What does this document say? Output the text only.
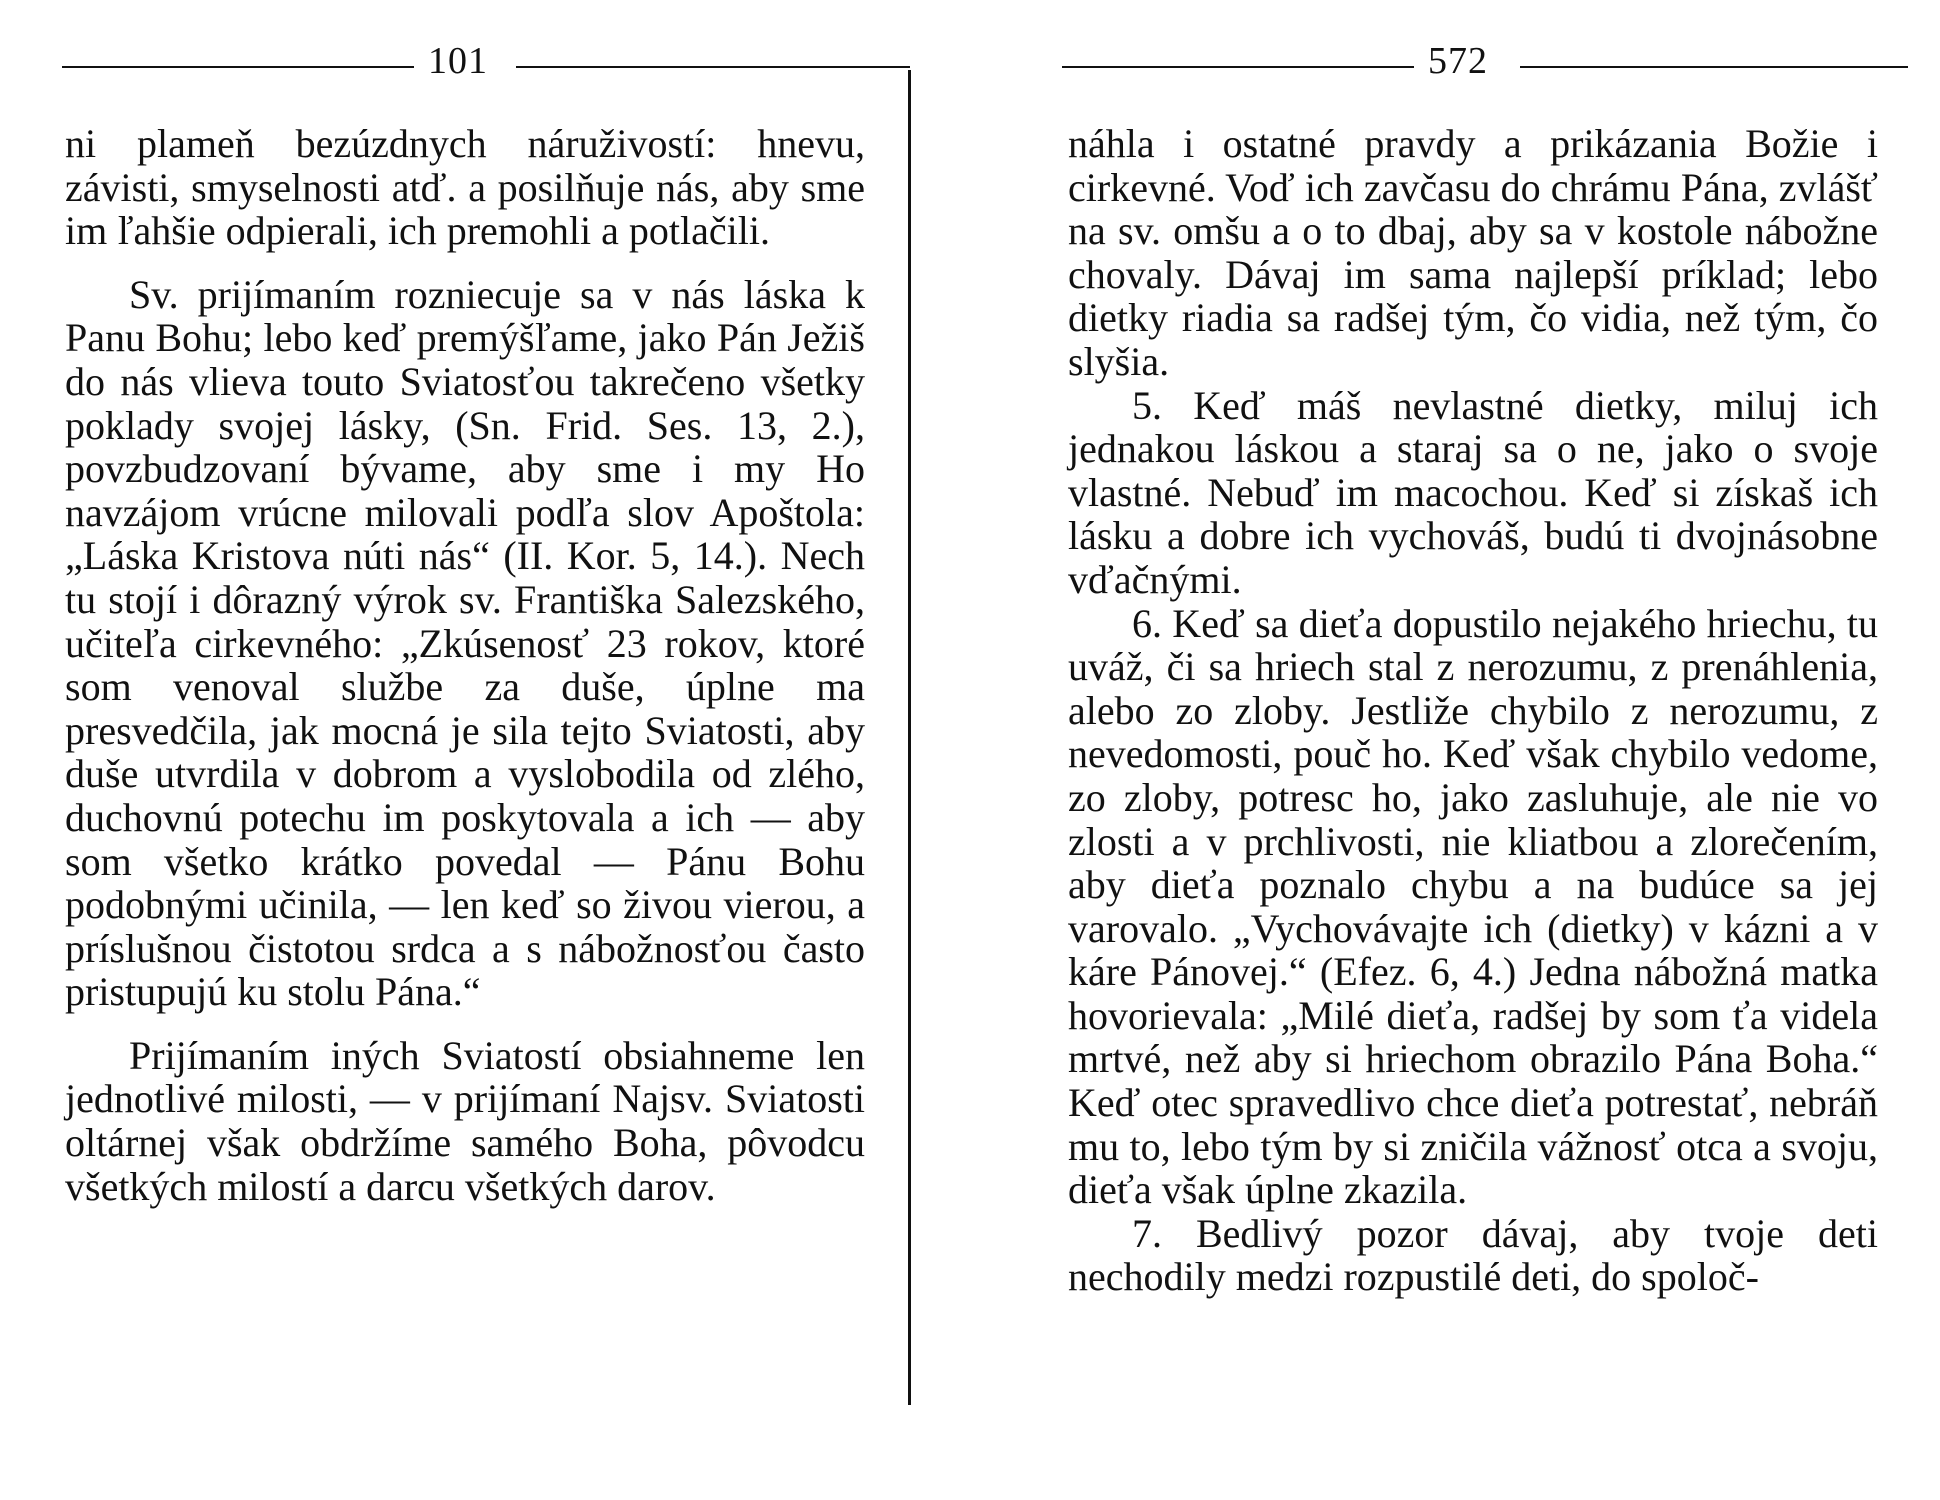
101

ni plameň bezúzdnych náruživostí: hnevu, závisti, smyselnosti atď. a posilňuje nás, aby sme im ľahšie odpierali, ich premohli a potlačili.

Sv. prijímaním rozniecuje sa v nás láska k Panu Bohu; lebo keď premýšľame, jako Pán Ježiš do nás vlieva touto Sviatosťou takrečeno všetky poklady svojej lásky, (Sn. Frid. Ses. 13, 2.), povzbudzovaní bývame, aby sme i my Ho navzájom vrúcne milovali podľa slov Apoštola: „Láska Kristova núti nás“ (II. Kor. 5, 14.). Nech tu stojí i dôrazný výrok sv. Františka Salezského, učiteľa cirkevného: „Zkúsenosť 23 rokov, ktoré som venoval službe za duše, úplne ma presvedčila, jak mocná je sila tejto Sviatosti, aby duše utvrdila v dobrom a vyslobodila od zlého, duchovnú potechu im poskytovala a ich — aby som všetko krátko povedal — Pánu Bohu podobnými učinila, — len keď so živou vierou, a príslušnou čistotou srdca a s nábožnosťou často pristupujú ku stolu Pána.“

Prijímaním iných Sviatostí obsiahneme len jednotlivé milosti, — v prijímaní Najsv. Sviatosti oltárnej však obdržíme samého Boha, pôvodcu všetkých milostí a darcu všetkých darov.

572

náhla i ostatné pravdy a prikázania Božie i cirkevné. Voď ich zavčasu do chrámu Pána, zvlášť na sv. omšu a o to dbaj, aby sa v kostole nábožne chovaly. Dávaj im sama najlepší príklad; lebo dietky riadia sa radšej tým, čo vidia, než tým, čo slyšia.

5. Keď máš nevlastné dietky, miluj ich jednakou láskou a staraj sa o ne, jako o svoje vlastné. Nebuď im macochou. Keď si získaš ich lásku a dobre ich vychováš, budú ti dvojnásobne vďačnými.

6. Keď sa dieťa dopustilo nejakého hriechu, tu uváž, či sa hriech stal z nerozumu, z prenáhlenia, alebo zo zloby. Jestliže chybilo z nerozumu, z nevedomosti, pouč ho. Keď však chybilo vedome, zo zloby, potresc ho, jako zasluhuje, ale nie vo zlosti a v prchlivosti, nie kliatbou a zlorečením, aby dieťa poznalo chybu a na budúce sa jej varovalo. „Vychovávajte ich (dietky) v kázni a v káre Pánovej.“ (Efez. 6, 4.) Jedna nábožná matka hovorievala: „Milé dieťa, radšej by som ťa videla mrtvé, než aby si hriechom obrazilo Pána Boha.“ Keď otec spravedlivo chce dieťa potrestať, nebráň mu to, lebo tým by si zničila vážnosť otca a svoju, dieťa však úplne zkazila.

7. Bedlivý pozor dávaj, aby tvoje deti nechodily medzi rozpustilé deti, do spoloč-
